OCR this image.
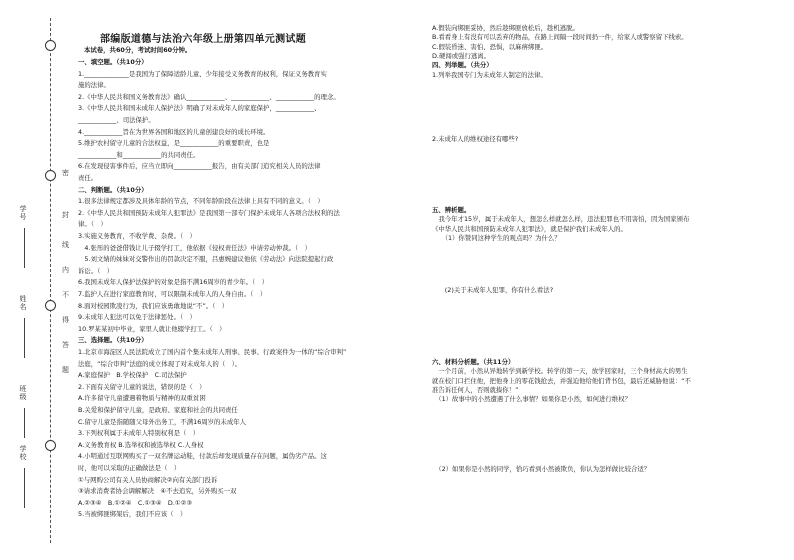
学号
姓名
班级
学校
密
封
线
内
不
得
答
题
部编版道德与法治六年级上册第四单元测试题
本试卷，共60分，考试时间60分钟。
一、填空题。（共10分）
1.______________是我国为了保障适龄儿童、少年接受义务教育的权利，保证义务教育实
施的法律。
2.《中华人民共和国义务教育法》确认____________、____________、____________的理念。
3.《中华人民共和国未成年人保护法》明确了对未成年人的家庭保护，____________、
____________、司法保护。
4.____________旨在为世界各国和地区的儿童创建良好的成长环境。
5.维护农村留守儿童的合法权益，是____________的重要职责，也是
____________和____________的共同责任。
6.在发现侵害事件后，应当立即向____________报告，由有关部门追究相关人员的法律
责任。
二、判断题。（共10分）
1.很多法律规定都涉及具体年龄的节点，不同年龄阶段在法律上具有不同的意义。（　）
2.《中华人民共和国预防未成年人犯罪法》是我国第一部专门保护未成年人各项合法权利的法
律。（　）
3.实施义务教育，不收学费、杂费。（　）
　4.张彤的爸爸借钱让儿子辍学打工，他依据《侵权责任法》申请劳动仲裁。（　）
　5.刘文婧的妹妹对交警作出的罚款决定不服，吕惠婉建议他依《劳动法》向法院提起行政
诉讼。（　）
6.我国未成年人保护法保护的对象是指不满16周岁的青少年。（　）
7.监护人在进行家庭教育时，可以限制未成年人的人身自由。（　）
8.面对校园欺凌行为，我们应该勇敢地说“不”。（　）
9.未成年人犯法可以免于法律惩处。（　）
10.罗某某初中毕业，家里人就让他辍学打工。（　）
三、选择题。（共10分）
1.北京市海淀区人民法院成立了国内首个集未成年人刑事、民事、行政案件为一体的“综合审判”
法庭，“综合审判”法庭的成立体现了对未成年人的（　）。
A.家庭保护　B.学校保护　C.司法保护
2.下面有关留守儿童的说法，错误的是（　）
A.许多留守儿童遭遇着物质与精神的双重贫困
B.关爱和保护留守儿童，是政府、家庭和社会的共同责任
C.留守儿童是指随随父母外出务工，不满16周岁的未成年人
3.下列权利属于未成年人特别权利是（　）
A.义务教育权 B.选举权和被选举权 C.人身权
4.小明通过互联网购买了一双名牌运动鞋，付款后却发现质量存在问题，属伪劣产品。这
时，他可以采取的正确做法是（　）
①与网购公司有关人员协商解决②向有关部门投诉
③请求消费者协会调解解决　④不去追究，另外购买一双
A.②③④　B.①②④　C.①③④　D.①②③
5.当被绑匪绑架后，我们不应该（　）
A.假装向绑匪妥协，然后趁绑匪放松后，趁机逃脱。
B.看看身上有没有可以丢弃的物品，在路上间隔一段时间扔一件，给家人或警察留下线索。
C.假装昏迷、害怕、恐惧，以麻痹绑匪。
D.硬闯或强行逃离。
四、列举题。（共分）
1.列举我国专门为未成年人制定的法律。
2.未成年人的维权途径有哪些?
五、辨析题。
　我今年才15岁，属于未成年人，想怎么样就怎么样，违法犯罪也不用害怕，因为国家颁布
《中华人民共和国预防未成年人犯罪法》，就是保护我们未成年人的。
　　（1）你赞同这种学生的观点吗？为什么？
　　(2)关于未成年人犯罪，你有什么看法?
六、材料分析题。（共11分）
　一个月前，小然从异地转学到新学校。转学的第一天，放学回家时，三个身材高大的男生
就在校门口拦住他，把他身上的零花钱抢去，并强迫他给他们背书包，最后还威胁他说：“不
准告诉任何人，否则就揍你！”
　（1）故事中的小然遭遇了什么事情？如果你是小然，如何进行维权？
　（2）如果你是小然的同学，恰巧看到小然被欺负，你认为怎样做比较合适？
